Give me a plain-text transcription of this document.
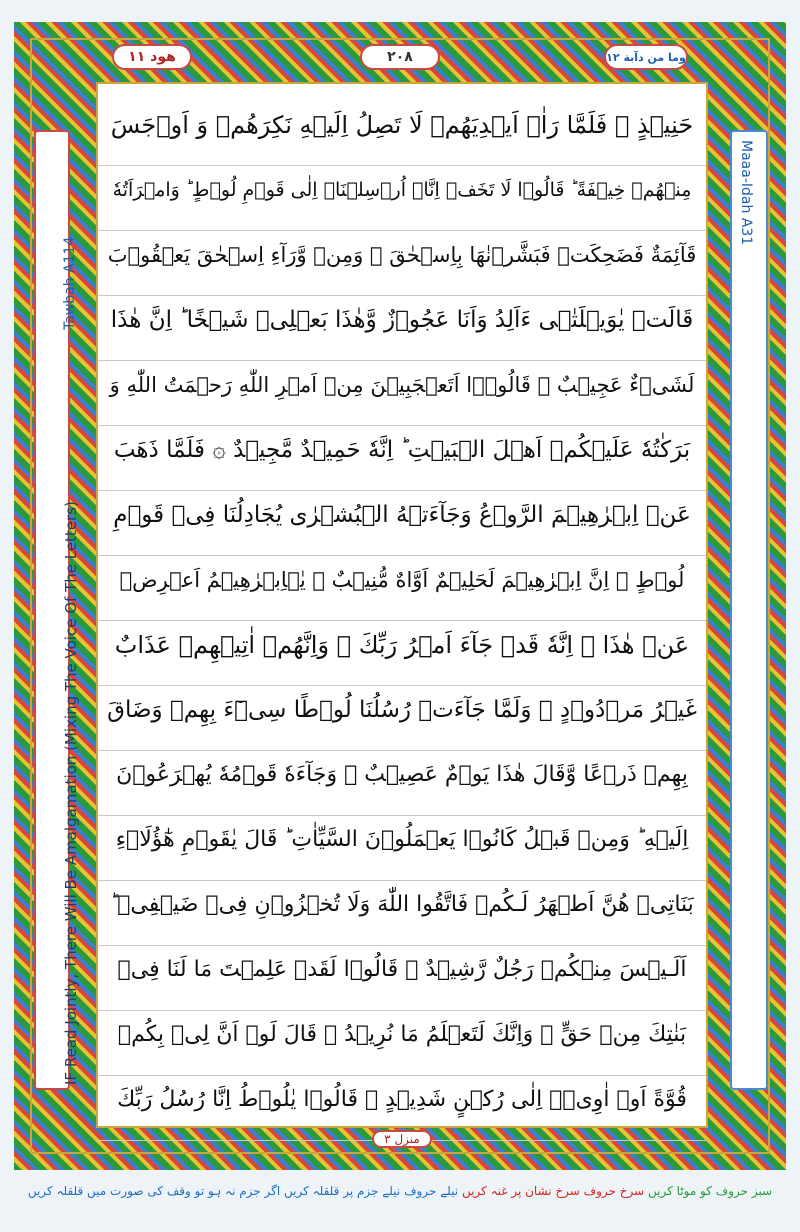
هود ١١	٢٠٨	وما من دآبة ١٢
Tawbah A114
IF Read Jointly, There Will Be Amalgamation (Mixing The Voice Of The Letters)
Maaa-Idah A31
حَنِيۡذٍ ۞ فَلَمَّا رَاٰۤ اَيۡدِيَهُمۡ لَا تَصِلُ اِلَيۡهِ نَكِرَهُمۡ وَ اَوۡجَسَ
مِنۡهُمۡ خِيۡفَةً ؕ قَالُوۡا لَا تَخَفۡ اِنَّاۤ اُرۡسِلۡنَاۤ اِلٰى قَوۡمِ لُوۡطٍ ؕ وَامۡرَاَتُهٗ
قَآئِمَةٌ فَضَحِكَتۡ فَبَشَّرۡنٰهَا بِاِسۡحٰقَ ۙ وَمِنۡ وَّرَآءِ اِسۡحٰقَ يَعۡقُوۡبَ
قَالَتۡ يٰوَيۡلَتٰۤى ءَاَلِدُ وَاَنَا عَجُوۡزٌ وَّهٰذَا بَعۡلِىۡ شَيۡخًا ؕ اِنَّ هٰذَا
لَشَىۡءٌ عَجِيۡبٌ ۞ قَالُوۡۤا اَتَعۡجَبِيۡنَ مِنۡ اَمۡرِ اللّٰهِ رَحۡمَتُ اللّٰهِ وَ
بَرَكٰتُهٗ عَلَيۡكُمۡ اَهۡلَ الۡبَيۡتِ ؕ اِنَّهٗ حَمِيۡدٌ مَّجِيۡدٌ ۞ فَلَمَّا ذَهَبَ
عَنۡ اِبۡرٰهِيۡمَ الرَّوۡعُ وَجَآءَتۡهُ الۡبُشۡرٰى يُجَادِلُنَا فِىۡ قَوۡمِ
لُوۡطٍ ۞ اِنَّ اِبۡرٰهِيۡمَ لَحَلِيۡمٌ اَوَّاهٌ مُّنِيۡبٌ ۞ يٰۤاِبۡرٰهِيۡمُ اَعۡرِضۡ
عَنۡ هٰذَا ۚ اِنَّهٗ قَدۡ جَآءَ اَمۡرُ رَبِّكَ ۚ وَاِنَّهُمۡ اٰتِيۡهِمۡ عَذَابٌ
غَيۡرُ مَرۡدُوۡدٍ ۞ وَلَمَّا جَآءَتۡ رُسُلُنَا لُوۡطًا سِىۡٓءَ بِهِمۡ وَضَاقَ
بِهِمۡ ذَرۡعًا وَّقَالَ هٰذَا يَوۡمٌ عَصِيۡبٌ ۞ وَجَآءَهٗ قَوۡمُهٗ يُهۡرَعُوۡنَ
اِلَيۡهِ ؕ وَمِنۡ قَبۡلُ كَانُوۡا يَعۡمَلُوۡنَ السَّيِّاٰتِ ؕ قَالَ يٰقَوۡمِ هٰٓؤُلَاۤءِ
بَنَاتِىۡ هُنَّ اَطۡهَرُ لَـكُمۡ فَاتَّقُوا اللّٰهَ وَلَا تُخۡزُوۡنِ فِىۡ ضَيۡفِىۡ ؕ
اَلَـيۡسَ مِنۡكُمۡ رَجُلٌ رَّشِيۡدٌ ۞ قَالُوۡا لَقَدۡ عَلِمۡتَ مَا لَنَا فِىۡ
بَنٰتِكَ مِنۡ حَقٍّ ۚ وَاِنَّكَ لَتَعۡلَمُ مَا نُرِيۡدُ ۞ قَالَ لَوۡ اَنَّ لِىۡ بِكُمۡ
قُوَّةً اَوۡ اٰوِىۡۤ اِلٰى رُكۡنٍ شَدِيۡدٍ ۞ قَالُوۡا يٰلُوۡطُ اِنَّا رُسُلُ رَبِّكَ
منزل ٣
سبز حروف کو موٹا کریں

سرخ حروف سرخ نشان پر غنہ کریں

نیلے حروف

نیلے جزم پر قلقلہ کریں اگر جزم نہ ہو تو وقف کی صورت میں قلقلہ کریں
